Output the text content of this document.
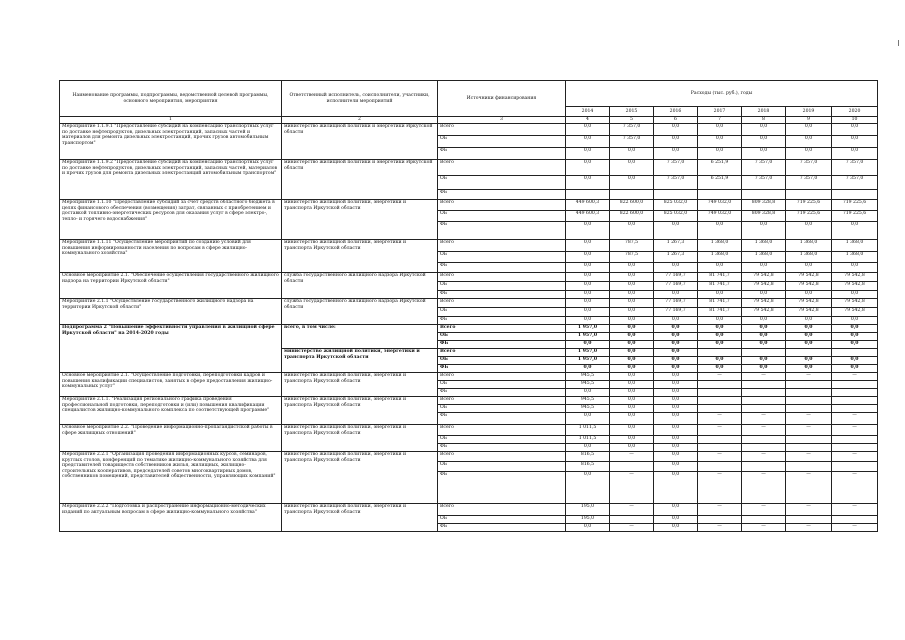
Наименование программы, подпрограммы, ведомственной целевой программы, основного мероприятия, мероприятия	Ответственный исполнитель, соисполнители, участники, исполнители мероприятий	Источники финансирования	Расходы (тыс. руб.), годы						
			2014	2015	2016	2017	2018	2019	2020
1	2	3	4	5	6	7	8	9	10
Мероприятие 1.1.9.1 "Предоставление субсидий на компенсацию транспортных услуг по доставке нефтепродуктов, дизельных электростанций, запасных частей и материалов для ремонта дизельных электростанций, прочих грузов автомобильным транспортом"	министерство жилищной политики и энергетики Иркутской области	Всего	0,0	7 357,0	0,0	0,0	0,0	0,0	0,0
		ОБ	0,0	7 357,0	0,0	0,0	0,0	0,0	0,0
		ФБ	0,0	0,0	0,0	0,0	0,0	0,0	0,0
Мероприятие 1.1.9.2 "Предоставление субсидий на компенсацию транспортных услуг по доставке нефтепродуктов, дизельных электростанций, запасных частей, материалов и прочих грузов для ремонта дизельных электростанций автомобильным транспортом"	министерство жилищной политики и энергетики Иркутской области	Всего	0,0	0,0	7 357,0	6 251,9	7 357,0	7 357,0	7 357,0
		ОБ	0,0	0,0	7 357,0	6 251,9	7 357,0	7 357,0	7 357,0
		ФБ							
Мероприятие 1.1.10 "Предоставление субсидий за счет средств областного бюджета в целях финансового обеспечения (возмещения) затрат, связанных с приобретением и доставкой топливно-энергетических ресурсов для оказания услуг в сфере электро-, тепло- и горячего водоснабжения"	министерство жилищной политики, энергетики и транспорта Иркутской области	Всего	449 600,3	822 600,0	825 032,0	749 032,0	809 328,8	719 225,6	719 225,6
		ОБ	449 600,3	822 600,0	825 032,0	749 032,0	809 328,8	719 225,6	719 225,6
		ФБ	0,0	0,0	0,0	0,0	0,0	0,0	0,0
Мероприятие 1.1.11 "Осуществление мероприятий по созданию условий для повышения информированности населения по вопросам в сфере жилищно-коммунального хозяйства"	министерство жилищной политики, энергетики и транспорта Иркутской области	Всего	0,0	787,5	1 267,3	1 368,0	1 368,0	1 368,0	1 368,0
		ОБ	0,0	787,5	1 267,3	1 368,0	1 368,0	1 368,0	1 368,0
		ФБ	0,0	0,0	0,0	0,0	0,0	0,0	0,0
Основное мероприятие 2.1. "Обеспечение осуществления государственного жилищного надзора на территории Иркутской области"	служба государственного жилищного надзора Иркутской области	Всего	0,0	0,0	77 169,7	81 741,7	79 542,8	79 542,8	79 542,8
		ОБ	0,0	0,0	77 169,7	81 741,7	79 542,8	79 542,8	79 542,8
		ФБ	0,0	0,0	0,0	0,0	0,0	0,0	0,0
Мероприятие 2.1.1 "Осуществление государственного жилищного надзора на территории Иркутской области"	служба государственного жилищного надзора Иркутской области	Всего	0,0	0,0	77 169,7	81 741,7	79 542,8	79 542,8	79 542,8
		ОБ	0,0	0,0	77 169,7	81 741,7	79 542,8	79 542,8	79 542,8
		ФБ	0,0	0,0	0,0	0,0	0,0	0,0	0,0
Подпрограмма 2 "Повышение эффективности управления в жилищной сфере Иркутской области" на 2014-2020 годы	всего, в том числе:	Всего	1 957,0	0,0	0,0	0,0	0,0	0,0	0,0
		ОБ	1 957,0	0,0	0,0	0,0	0,0	0,0	0,0
		ФБ	0,0	0,0	0,0	0,0	0,0	0,0	0,0
	министерство жилищной политики, энергетики и транспорта Иркутской области	Всего	1 957,0	0,0	0,0				
		ОБ	1 957,0	0,0	0,0	0,0	0,0	0,0	0,0
		ФБ	0,0	0,0	0,0	0,0	0,0	0,0	0,0
Основное мероприятие 2.1. "Осуществление подготовки, переподготовки кадров и повышения квалификации специалистов, занятых в сфере предоставления жилищно-коммунальных услуг"	министерство жилищной политики, энергетики и транспорта Иркутской области	Всего	945,5	0,0	0,0	—	—	—	—
		ОБ	945,5	0,0	0,0				
		ФБ	0,0	0,0	0,0				
Мероприятие 2.1.1. "Реализация регионального графика проведения профессиональной подготовки, переподготовки и (или) повышения квалификации специалистов жилищно-коммунального комплекса по соответствующей программе"	министерство жилищной политики, энергетики и транспорта Иркутской области	Всего	945,5	0,0	0,0				
		ОБ	945,5	0,0	0,0				
		ФБ	0,0	0,0	0,0	—	—	—	—
Основное мероприятие 2.2. "Проведение информационно-пропагандистской работы в сфере жилищных отношений"	министерство жилищной политики, энергетики и транспорта Иркутской области	Всего	1 011,5	0,0	0,0	—	—	—	—
		ОБ	1 011,5	0,0	0,0				
		ФБ	0,0	0,0	0,0				
Мероприятие 2.2.1 "Организация проведения информационных курсов, семинаров, круглых столов, конференций по тематике жилищно-коммунального хозяйства для представителей товариществ собственников жилья, жилищных, жилищно-строительных кооперативов, председателей советов многоквартирных домов, собственников помещений, представителей общественности, управляющих компаний"	министерство жилищной политики, энергетики и транспорта Иркутской области	Всего	816,5	—	0,0	—	—	—	—
		ОБ	816,5		0,0				
		ФБ	0,0	—	0,0	—	—	—	—
Мероприятие 2.2.2 "Подготовка и распространение информационно-методических изданий по актуальным вопросам в сфере жилищно-коммунального хозяйства"	министерство жилищной политики, энергетики и транспорта Иркутской области	Всего	195,0	—	0,0	—	—	—	—
		ОБ	195,0		0,0				
		ФБ	0,0	—	0,0	—	—	—	—
